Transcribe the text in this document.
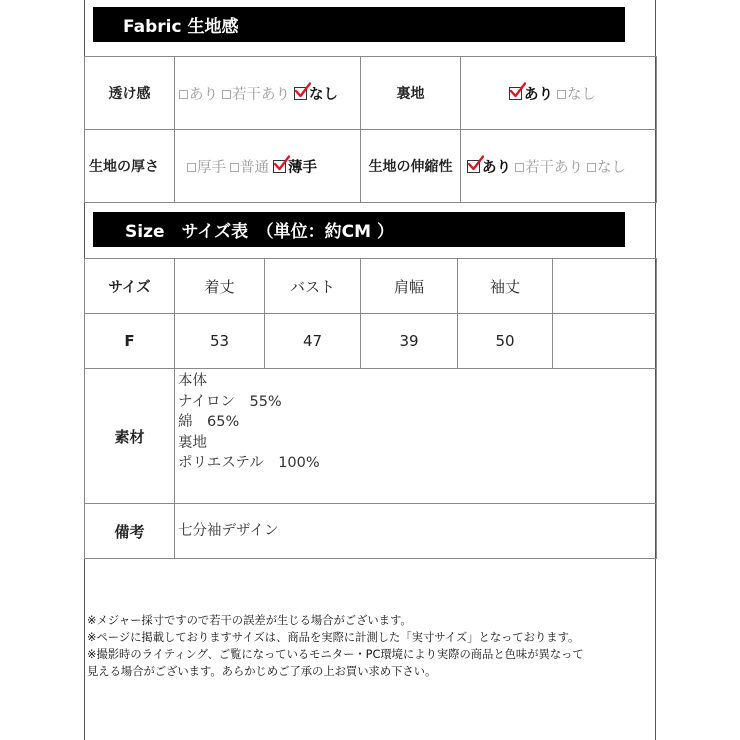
Fabric 生地感
透け感	あり 若干あり なし	裏地	あり なし
生地の厚さ	厚手 普通 薄手	生地の伸縮性	あり 若干あり なし
Size　サイズ表　（単位：約CM ）
サイズ	着丈	バスト	肩幅	袖丈	
F	53	47	39	50	
素材	本体
ナイロン　55%
綿　65%
裏地
ポリエステル　100%				

備考	七分袖デザイン				
※メジャー採寸ですので若干の誤差が生じる場合がございます。
※ページに掲載しておりますサイズは、商品を実際に計測した「実寸サイズ」となっております。
※撮影時のライティング、ご覧になっているモニター・PC環境により実際の商品と色味が異なって
見える場合がございます。あらかじめご了承の上お買い求め下さい。
